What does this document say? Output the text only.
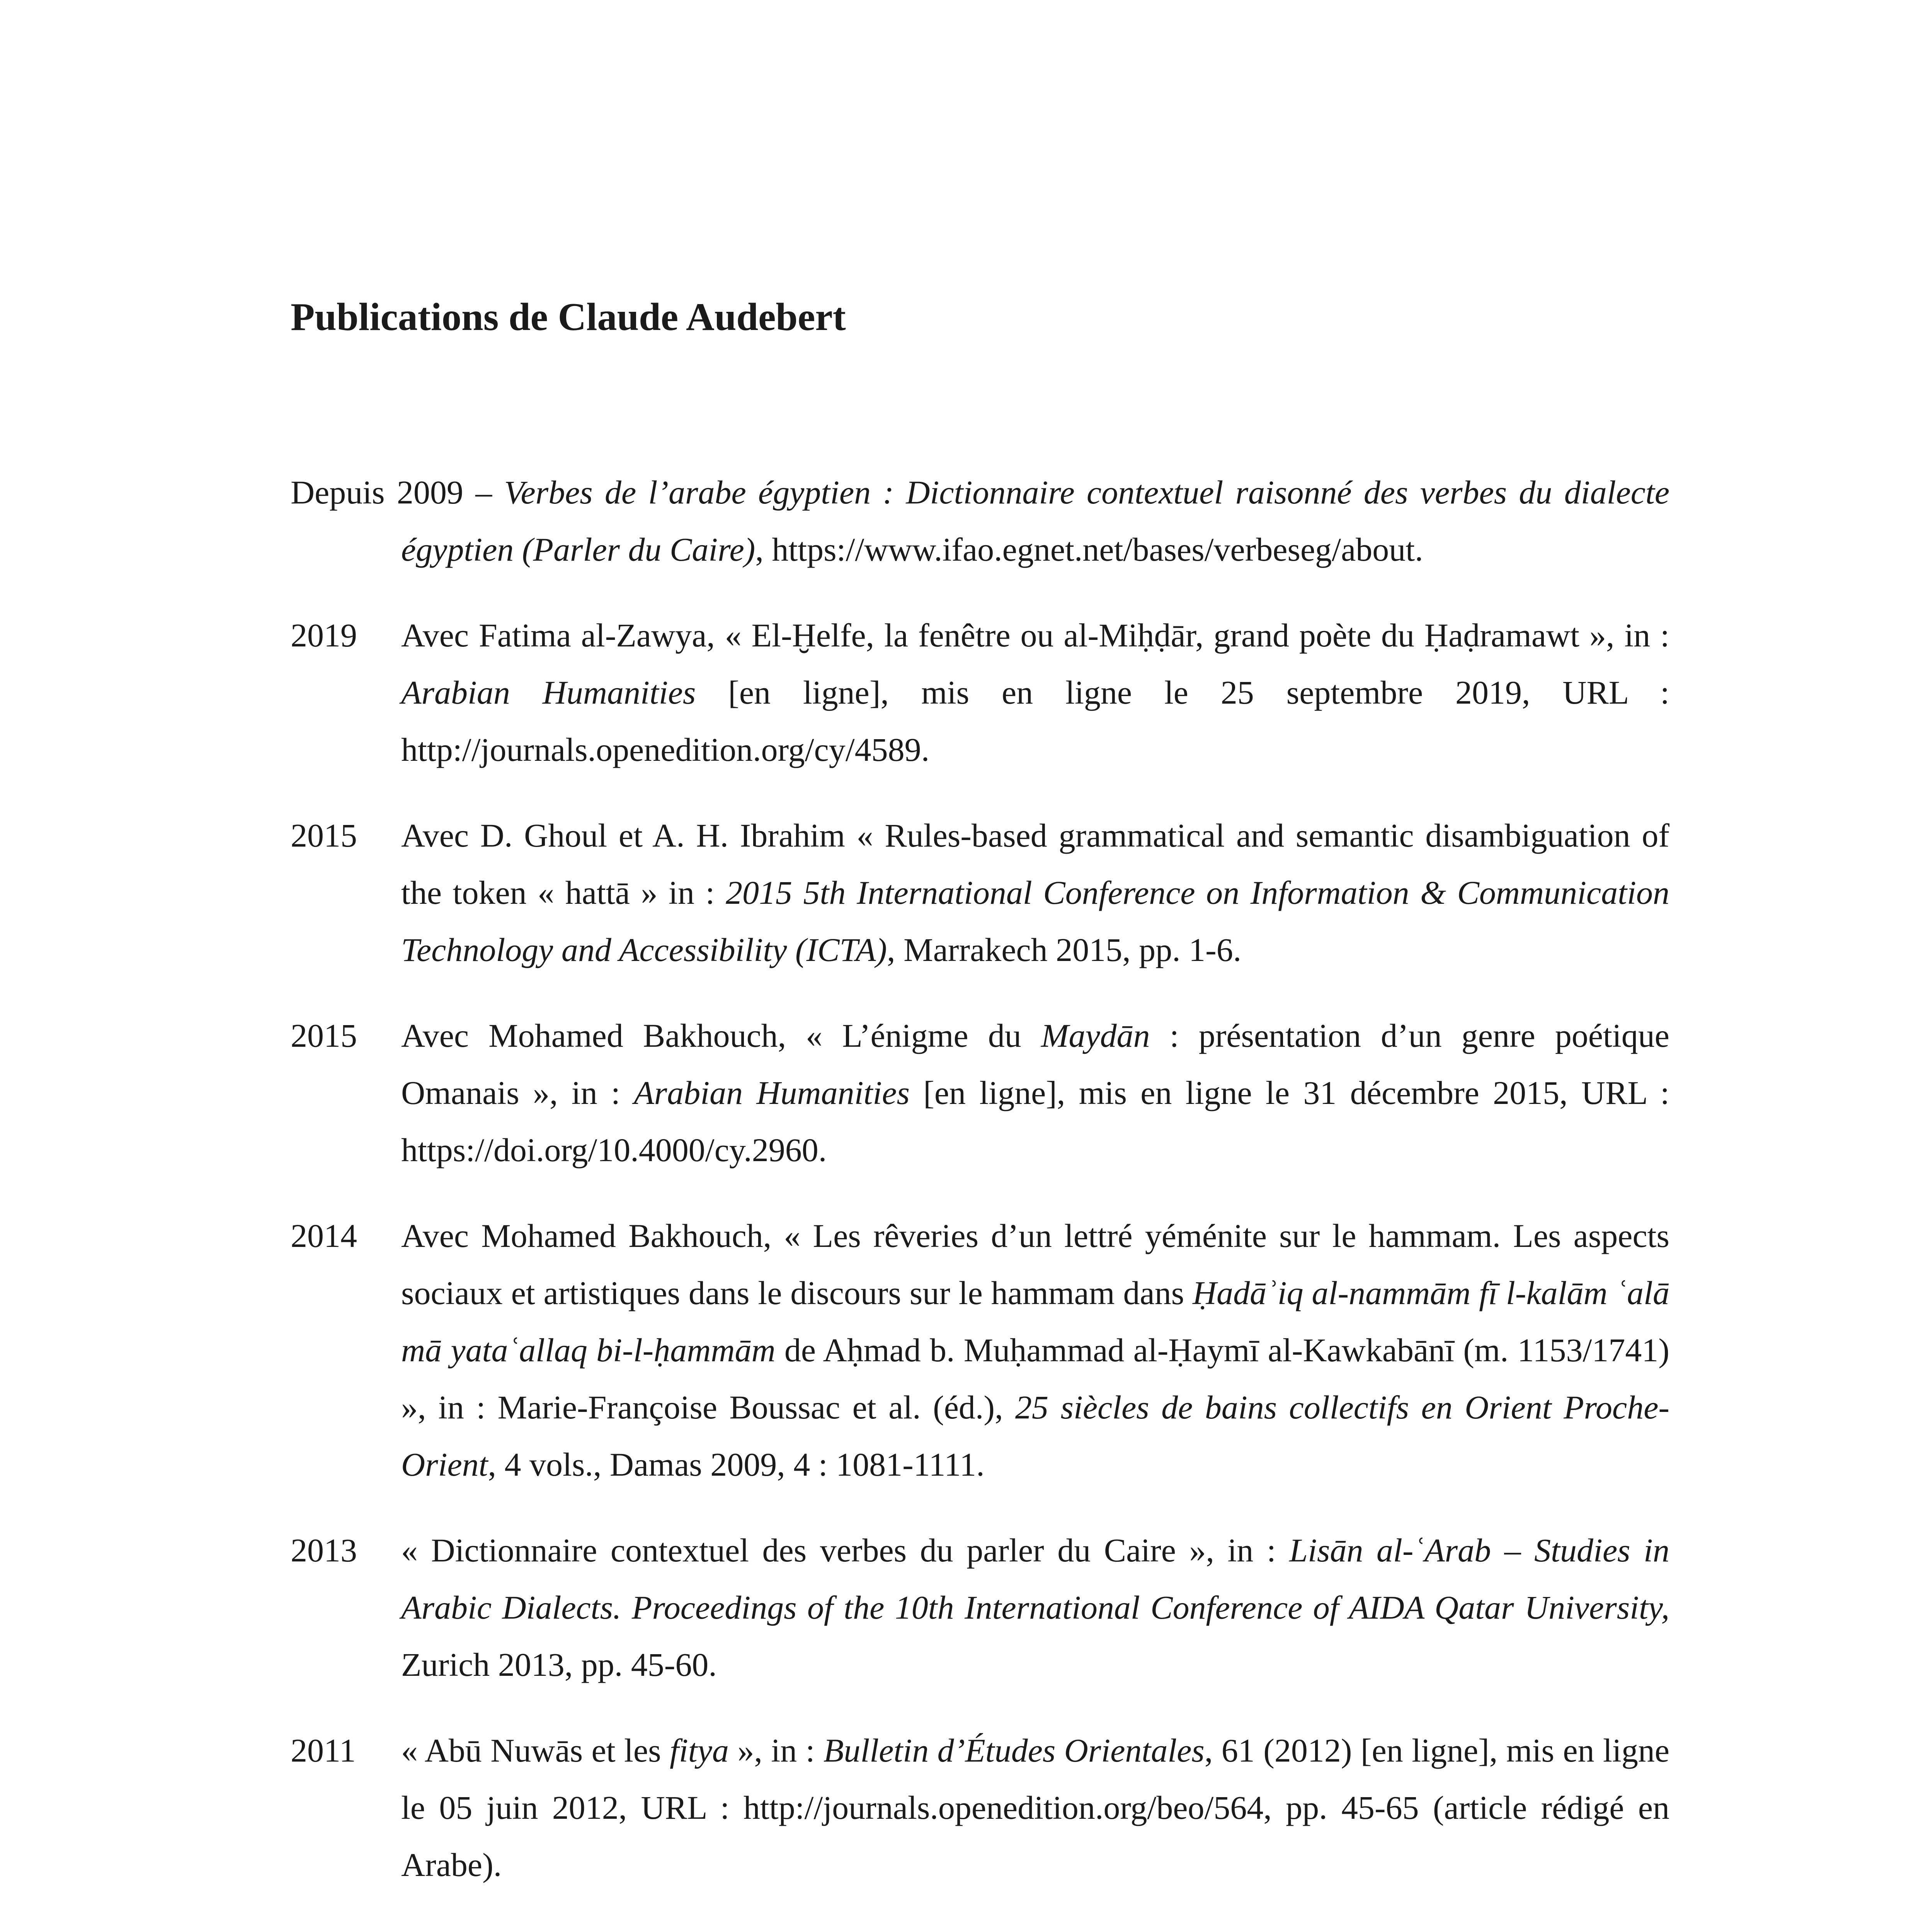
Publications de Claude Audebert

Depuis 2009 – Verbes de l’arabe égyptien : Dictionnaire contextuel raisonné des verbes du dialecte égyptien (Parler du Caire), https://www.ifao.egnet.net/bases/verbeseg/about.

2019	Avec Fatima al-Zawya, « El-Ḫelfe, la fenêtre ou al-Miḥḍār, grand poète du Ḥaḍramawt », in : Arabian Humanities [en ligne], mis en ligne le 25 septembre 2019, URL : http://journals.openedition.org/cy/4589.
2015	Avec D. Ghoul et A. H. Ibrahim « Rules-based grammatical and semantic disambiguation of the token « hattā » in : 2015 5th International Conference on Information & Communication Technology and Accessibility (ICTA), Marrakech 2015, pp. 1-6.
2015	Avec Mohamed Bakhouch, « L’énigme du Maydān : présentation d’un genre poétique Omanais », in : Arabian Humanities [en ligne], mis en ligne le 31 décembre 2015, URL : https://doi.org/10.4000/cy.2960.
2014	Avec Mohamed Bakhouch, « Les rêveries d’un lettré yéménite sur le hammam. Les aspects sociaux et artistiques dans le discours sur le hammam dans Ḥadāʾiq al-nammām fī l-kalām ʿalā mā yataʿallaq bi-l-ḥammām de Aḥmad b. Muḥammad al-Ḥaymī al-Kawkabānī (m. 1153/1741) », in : Marie-Françoise Boussac et al. (éd.), 25 siècles de bains collectifs en Orient Proche-Orient, 4 vols., Damas 2009, 4 : 1081-1111.
2013	« Dictionnaire contextuel des verbes du parler du Caire », in : Lisān al-ʿArab – Studies in Arabic Dialects. Proceedings of the 10th International Conference of AIDA Qatar University, Zurich 2013, pp. 45-60.
2011	« Abū Nuwās et les fitya », in : Bulletin d’Études Orientales, 61 (2012) [en ligne], mis en ligne le 05 juin 2012, URL : http://journals.openedition.org/beo/564, pp. 45-65 (article rédigé en Arabe).
